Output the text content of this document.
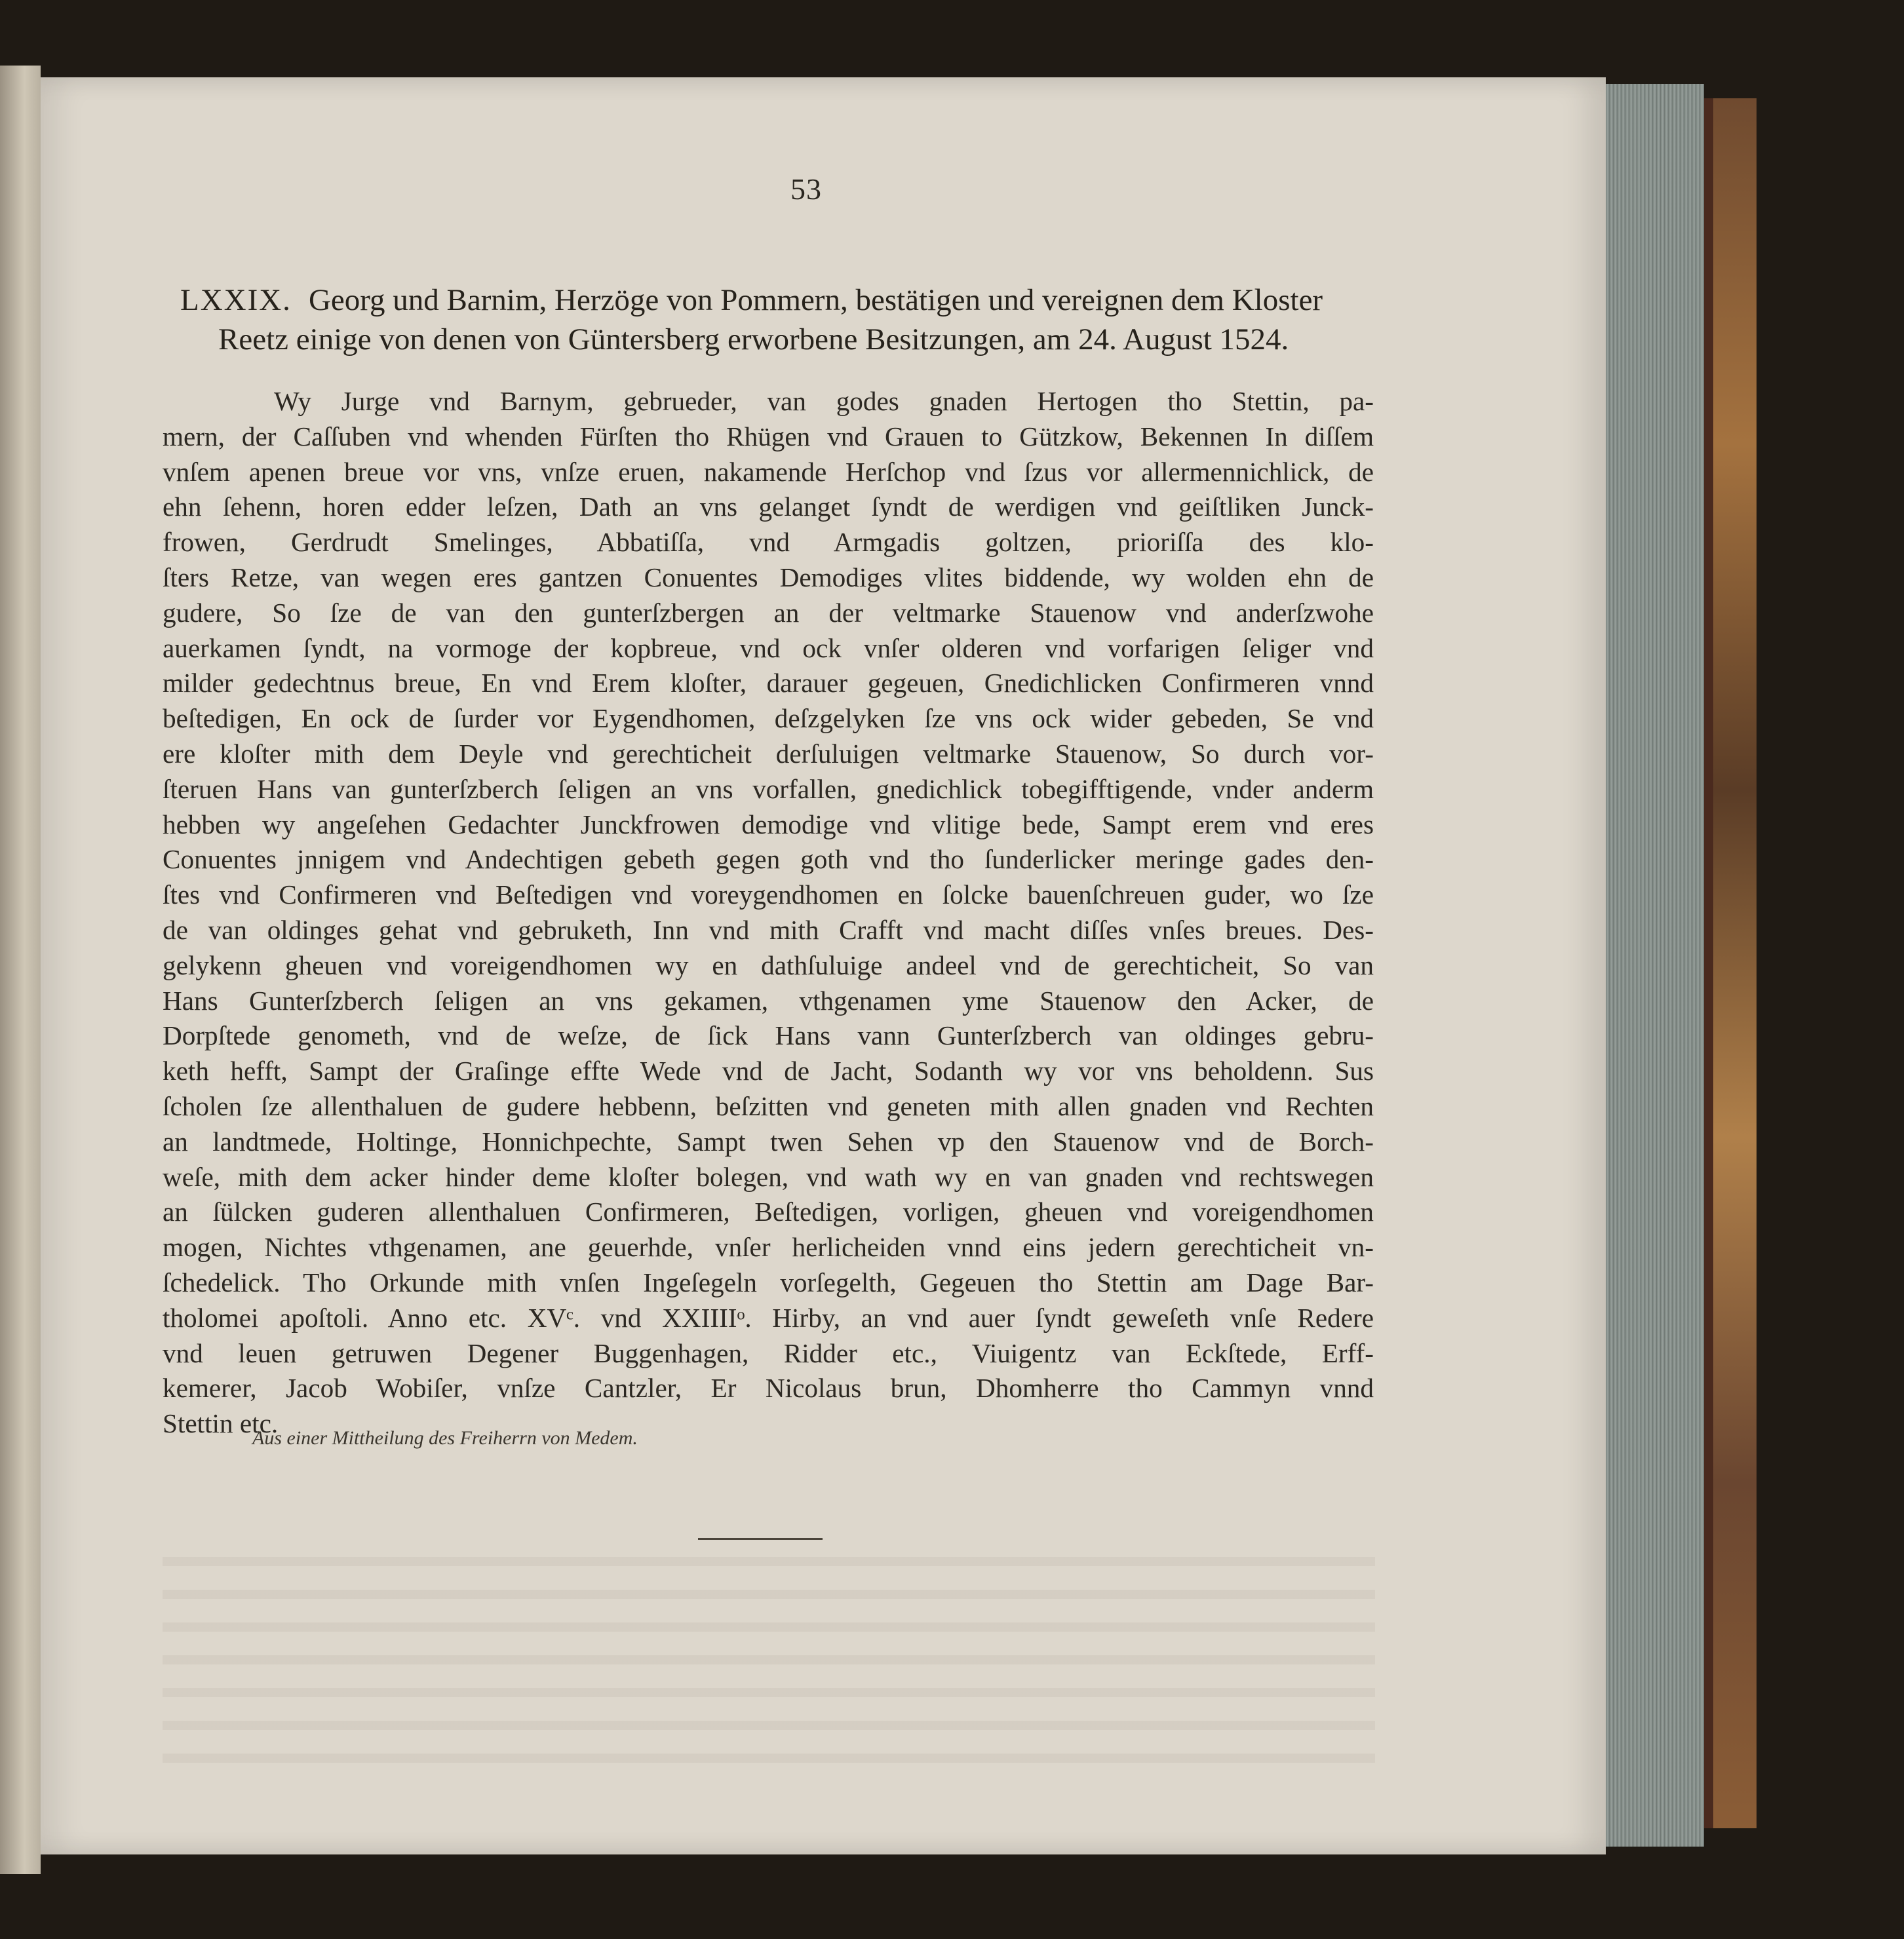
53
LXXIX. Georg und Barnim, Herzöge von Pommern, bestätigen und vereignen dem Kloster
Reetz einige von denen von Güntersberg erworbene Besitzungen, am 24. August 1524.
Wy Jurge vnd Barnym, gebrueder, van godes gnaden Hertogen tho Stettin, pa-
mern, der Caſſuben vnd whenden Fürſten tho Rhügen vnd Grauen to Gützkow, Bekennen In diſſem
vnſem apenen breue vor vns, vnſze eruen, nakamende Herſchop vnd ſzus vor allermennichlick, de
ehn ſehenn, horen edder leſzen, Dath an vns gelanget ſyndt de werdigen vnd geiſtliken Junck-
frowen, Gerdrudt Smelinges, Abbatiſſa, vnd Armgadis goltzen, prioriſſa des klo-
ſters Retze, van wegen eres gantzen Conuentes Demodiges vlites biddende, wy wolden ehn de
gudere, So ſze de van den gunterſzbergen an der veltmarke Stauenow vnd anderſzwohe
auerkamen ſyndt, na vormoge der kopbreue, vnd ock vnſer olderen vnd vorfarigen ſeliger vnd
milder gedechtnus breue, En vnd Erem kloſter, darauer gegeuen, Gnedichlicken Confirmeren vnnd
beſtedigen, En ock de ſurder vor Eygendhomen, deſzgelyken ſze vns ock wider gebeden, Se vnd
ere kloſter mith dem Deyle vnd gerechticheit derſuluigen veltmarke Stauenow, So durch vor-
ſteruen Hans van gunterſzberch ſeligen an vns vorfallen, gnedichlick tobegifftigende, vnder anderm
hebben wy angeſehen Gedachter Junckfrowen demodige vnd vlitige bede, Sampt erem vnd eres
Conuentes jnnigem vnd Andechtigen gebeth gegen goth vnd tho ſunderlicker meringe gades den-
ſtes vnd Confirmeren vnd Beſtedigen vnd voreygendhomen en ſolcke bauenſchreuen guder, wo ſze
de van oldinges gehat vnd gebruketh, Inn vnd mith Crafft vnd macht diſſes vnſes breues. Des-
gelykenn gheuen vnd voreigendhomen wy en dathſuluige andeel vnd de gerechticheit, So van
Hans Gunterſzberch ſeligen an vns gekamen, vthgenamen yme Stauenow den Acker, de
Dorpſtede genometh, vnd de weſze, de ſick Hans vann Gunterſzberch van oldinges gebru-
keth hefft, Sampt der Graſinge effte Wede vnd de Jacht, Sodanth wy vor vns beholdenn. Sus
ſcholen ſze allenthaluen de gudere hebbenn, beſzitten vnd geneten mith allen gnaden vnd Rechten
an landtmede, Holtinge, Honnichpechte, Sampt twen Sehen vp den Stauenow vnd de Borch-
weſe, mith dem acker hinder deme kloſter bolegen, vnd wath wy en van gnaden vnd rechtswegen
an ſülcken guderen allenthaluen Confirmeren, Beſtedigen, vorligen, gheuen vnd voreigendhomen
mogen, Nichtes vthgenamen, ane geuerhde, vnſer herlicheiden vnnd eins jedern gerechticheit vn-
ſchedelick. Tho Orkunde mith vnſen Ingeſegeln vorſegelth, Gegeuen tho Stettin am Dage Bar-
tholomei apoſtoli. Anno etc. XVᶜ. vnd XXIIIIᵒ. Hirby, an vnd auer ſyndt geweſeth vnſe Redere
vnd leuen getruwen Degener Buggenhagen, Ridder etc., Viuigentz van Eckſtede, Erff-
kemerer, Jacob Wobiſer, vnſze Cantzler, Er Nicolaus brun, Dhomherre tho Cammyn vnnd
Stettin etc.
Aus einer Mittheilung des Freiherrn von Medem.
